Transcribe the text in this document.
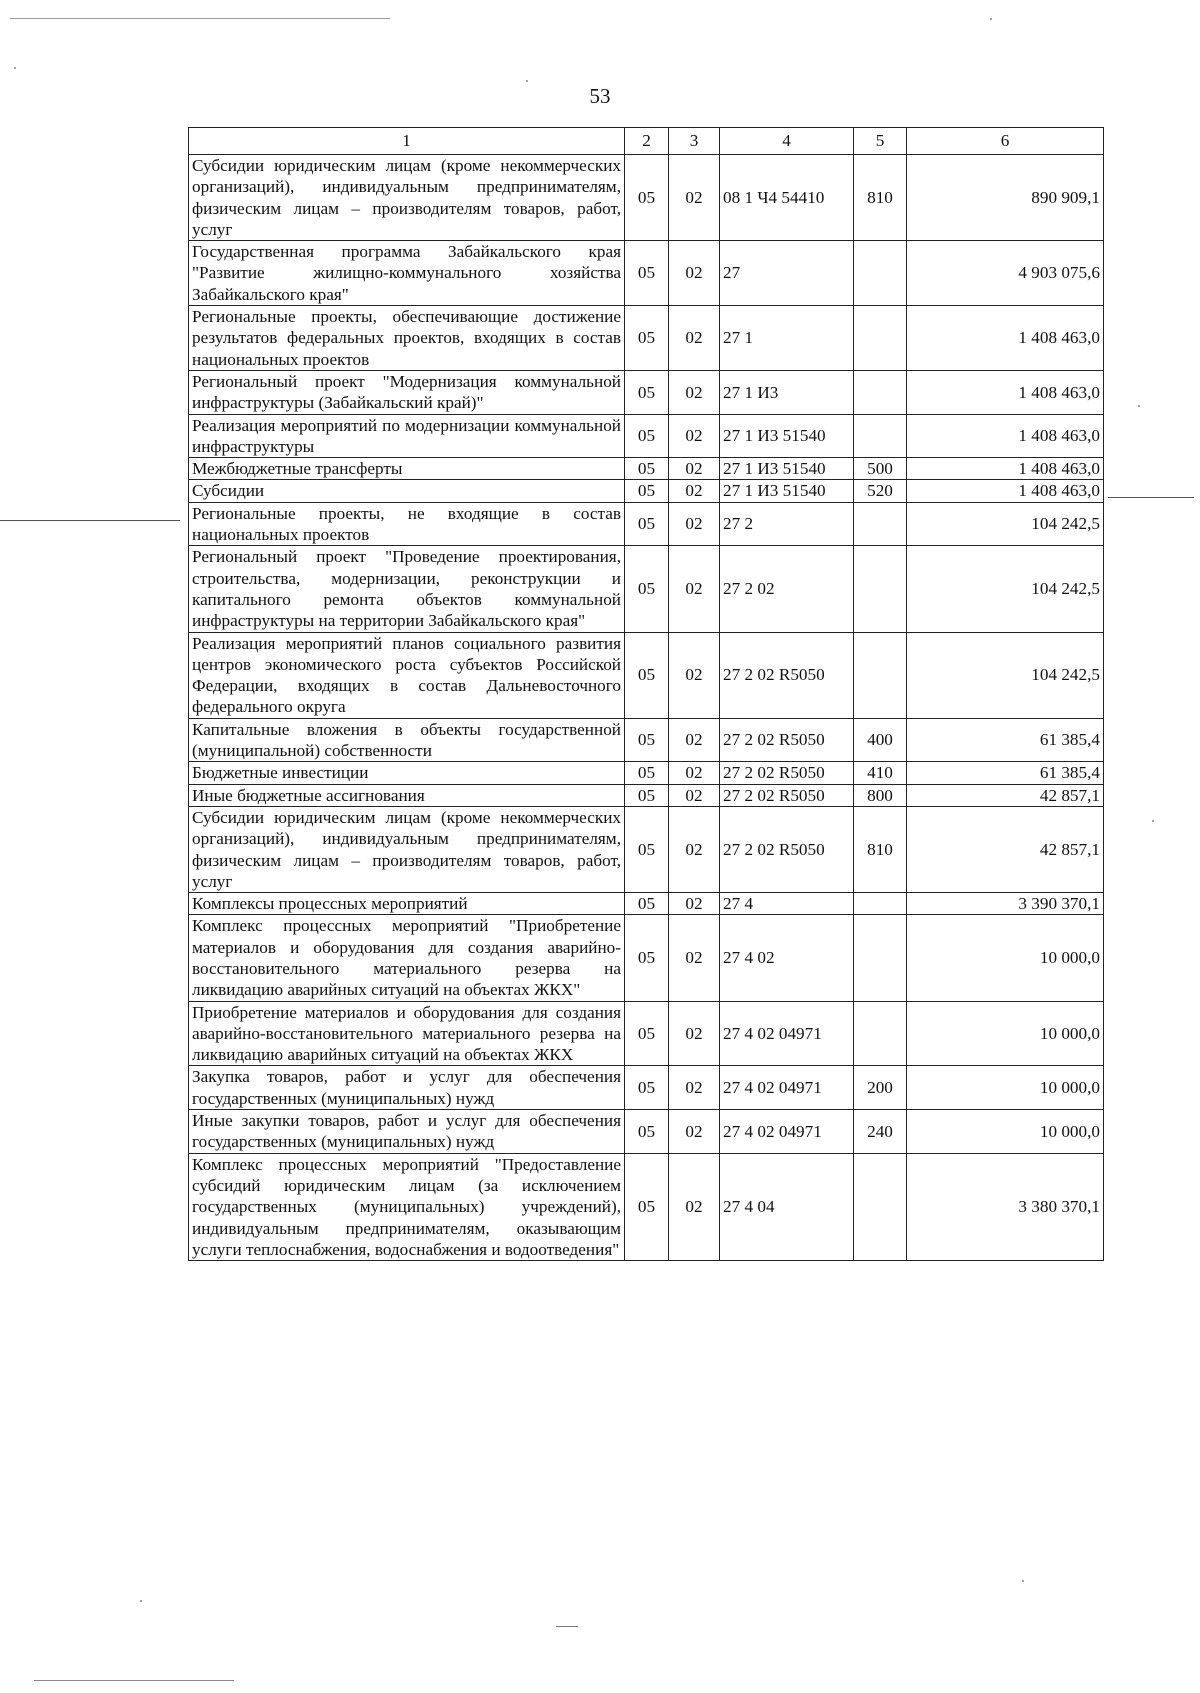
53
1	2	3	4	5	6
Субсидии юридическим лицам (кроме некоммерческих организаций), индивидуальным предпринимателям, физическим лицам – производителям товаров, работ, услуг	05	02	08 1 Ч4 54410	810	890 909,1
Государственная программа Забайкальского края "Развитие жилищно-коммунального хозяйства Забайкальского края"	05	02	27		4 903 075,6
Региональные проекты, обеспечивающие достижение результатов федеральных проектов, входящих в состав национальных проектов	05	02	27 1		1 408 463,0
Региональный проект "Модернизация коммунальной инфраструктуры (Забайкальский край)"	05	02	27 1 И3		1 408 463,0
Реализация мероприятий по модернизации коммунальной инфраструктуры	05	02	27 1 И3 51540		1 408 463,0
Межбюджетные трансферты	05	02	27 1 И3 51540	500	1 408 463,0
Субсидии	05	02	27 1 И3 51540	520	1 408 463,0
Региональные проекты, не входящие в состав национальных проектов	05	02	27 2		104 242,5
Региональный проект "Проведение проектирования, строительства, модернизации, реконструкции и капитального ремонта объектов коммунальной инфраструктуры на территории Забайкальского края"	05	02	27 2 02		104 242,5
Реализация мероприятий планов социального развития центров экономического роста субъектов Российской Федерации, входящих в состав Дальневосточного федерального округа	05	02	27 2 02 R5050		104 242,5
Капитальные вложения в объекты государственной (муниципальной) собственности	05	02	27 2 02 R5050	400	61 385,4
Бюджетные инвестиции	05	02	27 2 02 R5050	410	61 385,4
Иные бюджетные ассигнования	05	02	27 2 02 R5050	800	42 857,1
Субсидии юридическим лицам (кроме некоммерческих организаций), индивидуальным предпринимателям, физическим лицам – производителям товаров, работ, услуг	05	02	27 2 02 R5050	810	42 857,1
Комплексы процессных мероприятий	05	02	27 4		3 390 370,1
Комплекс процессных мероприятий "Приобретение материалов и оборудования для создания аварийно-восстановительного материального резерва на ликвидацию аварийных ситуаций на объектах ЖКХ"	05	02	27 4 02		10 000,0
Приобретение материалов и оборудования для создания аварийно-восстановительного материального резерва на ликвидацию аварийных ситуаций на объектах ЖКХ	05	02	27 4 02 04971		10 000,0
Закупка товаров, работ и услуг для обеспечения государственных (муниципальных) нужд	05	02	27 4 02 04971	200	10 000,0
Иные закупки товаров, работ и услуг для обеспечения государственных (муниципальных) нужд	05	02	27 4 02 04971	240	10 000,0
Комплекс процессных мероприятий "Предоставление субсидий юридическим лицам (за исключением государственных (муниципальных) учреждений), индивидуальным предпринимателям, оказывающим услуги теплоснабжения, водоснабжения и водоотведения"	05	02	27 4 04		3 380 370,1
